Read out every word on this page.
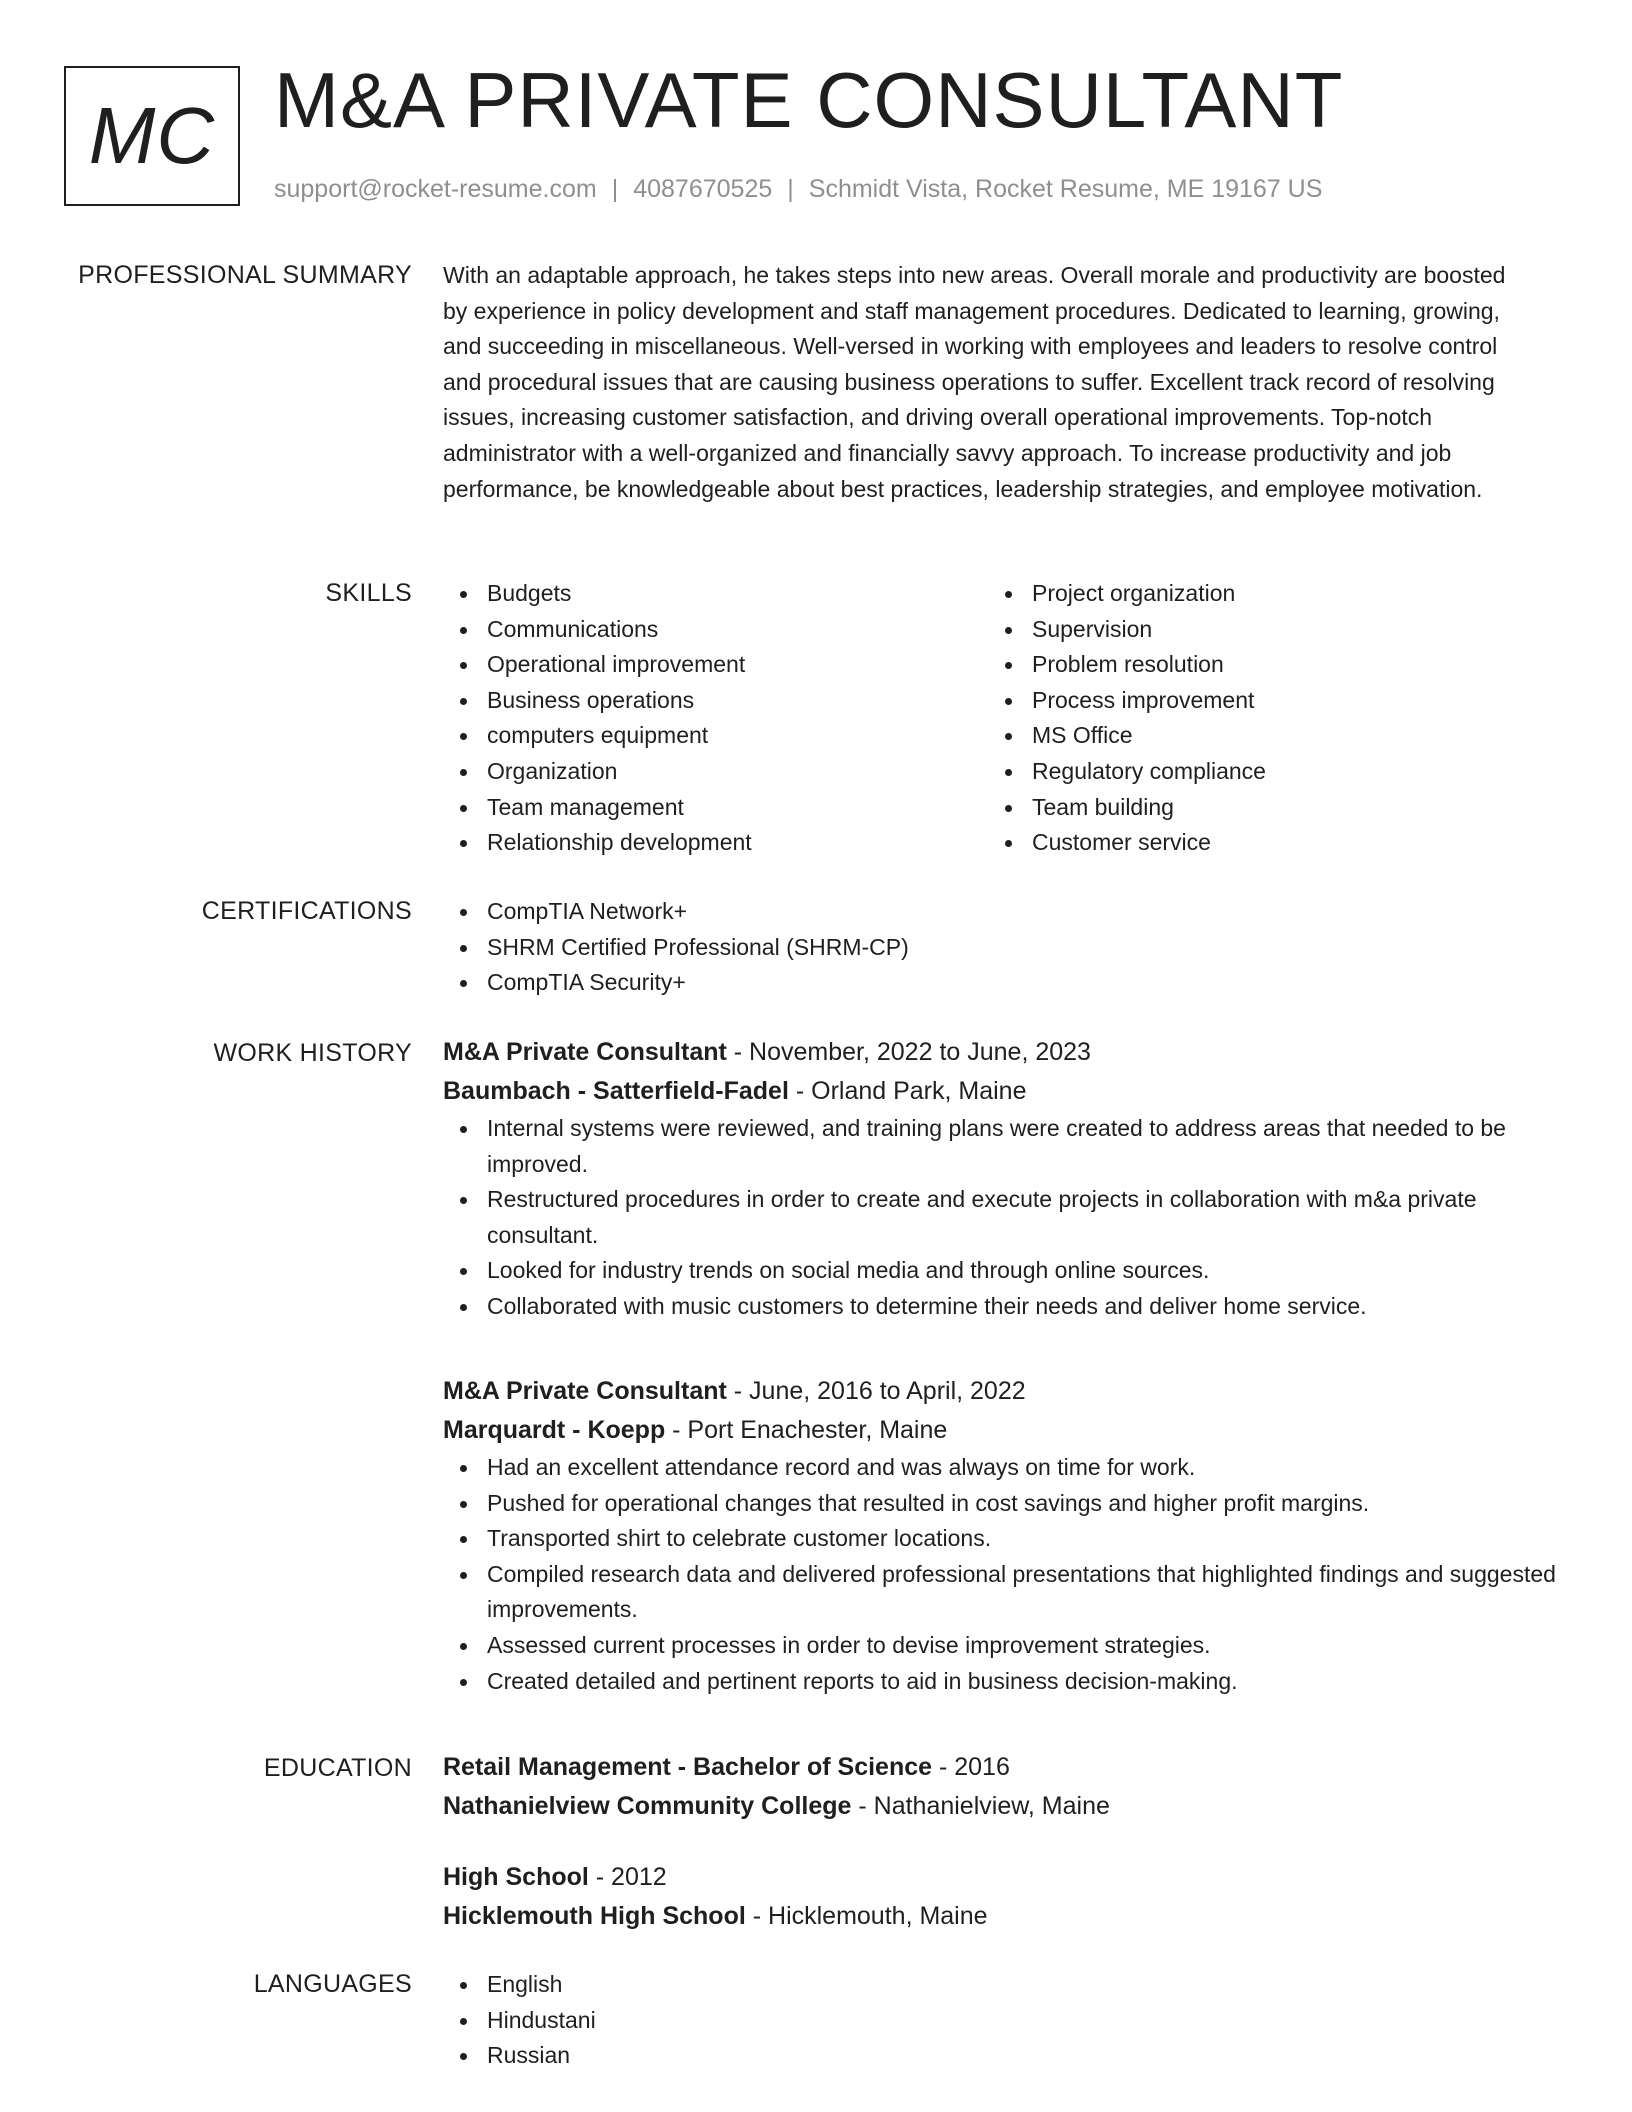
MC M&A PRIVATE CONSULTANT
support@rocket-resume.com | 4087670525 | Schmidt Vista, Rocket Resume, ME 19167 US
PROFESSIONAL SUMMARY With an adaptable approach, he takes steps into new areas. Overall morale and productivity are boosted by experience in policy development and staff management procedures. Dedicated to learning, growing, and succeeding in miscellaneous. Well-versed in working with employees and leaders to resolve control and procedural issues that are causing business operations to suffer. Excellent track record of resolving issues, increasing customer satisfaction, and driving overall operational improvements. Top-notch administrator with a well-organized and financially savvy approach. To increase productivity and job performance, be knowledgeable about best practices, leadership strategies, and employee motivation.

SKILLS	Budgets
Communications
Operational improvement
Business operations
computers equipment
Organization
Team management
Relationship development
Project organization
Supervision
Problem resolution
Process improvement
MS Office
Regulatory compliance
Team building
Customer service
CERTIFICATIONS	CompTIA Network+
SHRM Certified Professional (SHRM-CP)
CompTIA Security+
WORK HISTORY M&A Private Consultant - November, 2022 to June, 2023
Baumbach - Satterfield-Fadel - Orland Park, Maine
Internal systems were reviewed, and training plans were created to address areas that needed to be improved.
Restructured procedures in order to create and execute projects in collaboration with m&a private consultant.
Looked for industry trends on social media and through online sources.
Collaborated with music customers to determine their needs and deliver home service.
M&A Private Consultant - June, 2016 to April, 2022
Marquardt - Koepp - Port Enachester, Maine
Had an excellent attendance record and was always on time for work.
Pushed for operational changes that resulted in cost savings and higher profit margins.
Transported shirt to celebrate customer locations.
Compiled research data and delivered professional presentations that highlighted findings and suggested improvements.
Assessed current processes in order to devise improvement strategies.
Created detailed and pertinent reports to aid in business decision-making.
EDUCATION Retail Management - Bachelor of Science - 2016
Nathanielview Community College - Nathanielview, Maine
High School - 2012
Hicklemouth High School - Hicklemouth, Maine
LANGUAGES	English
Hindustani
Russian
